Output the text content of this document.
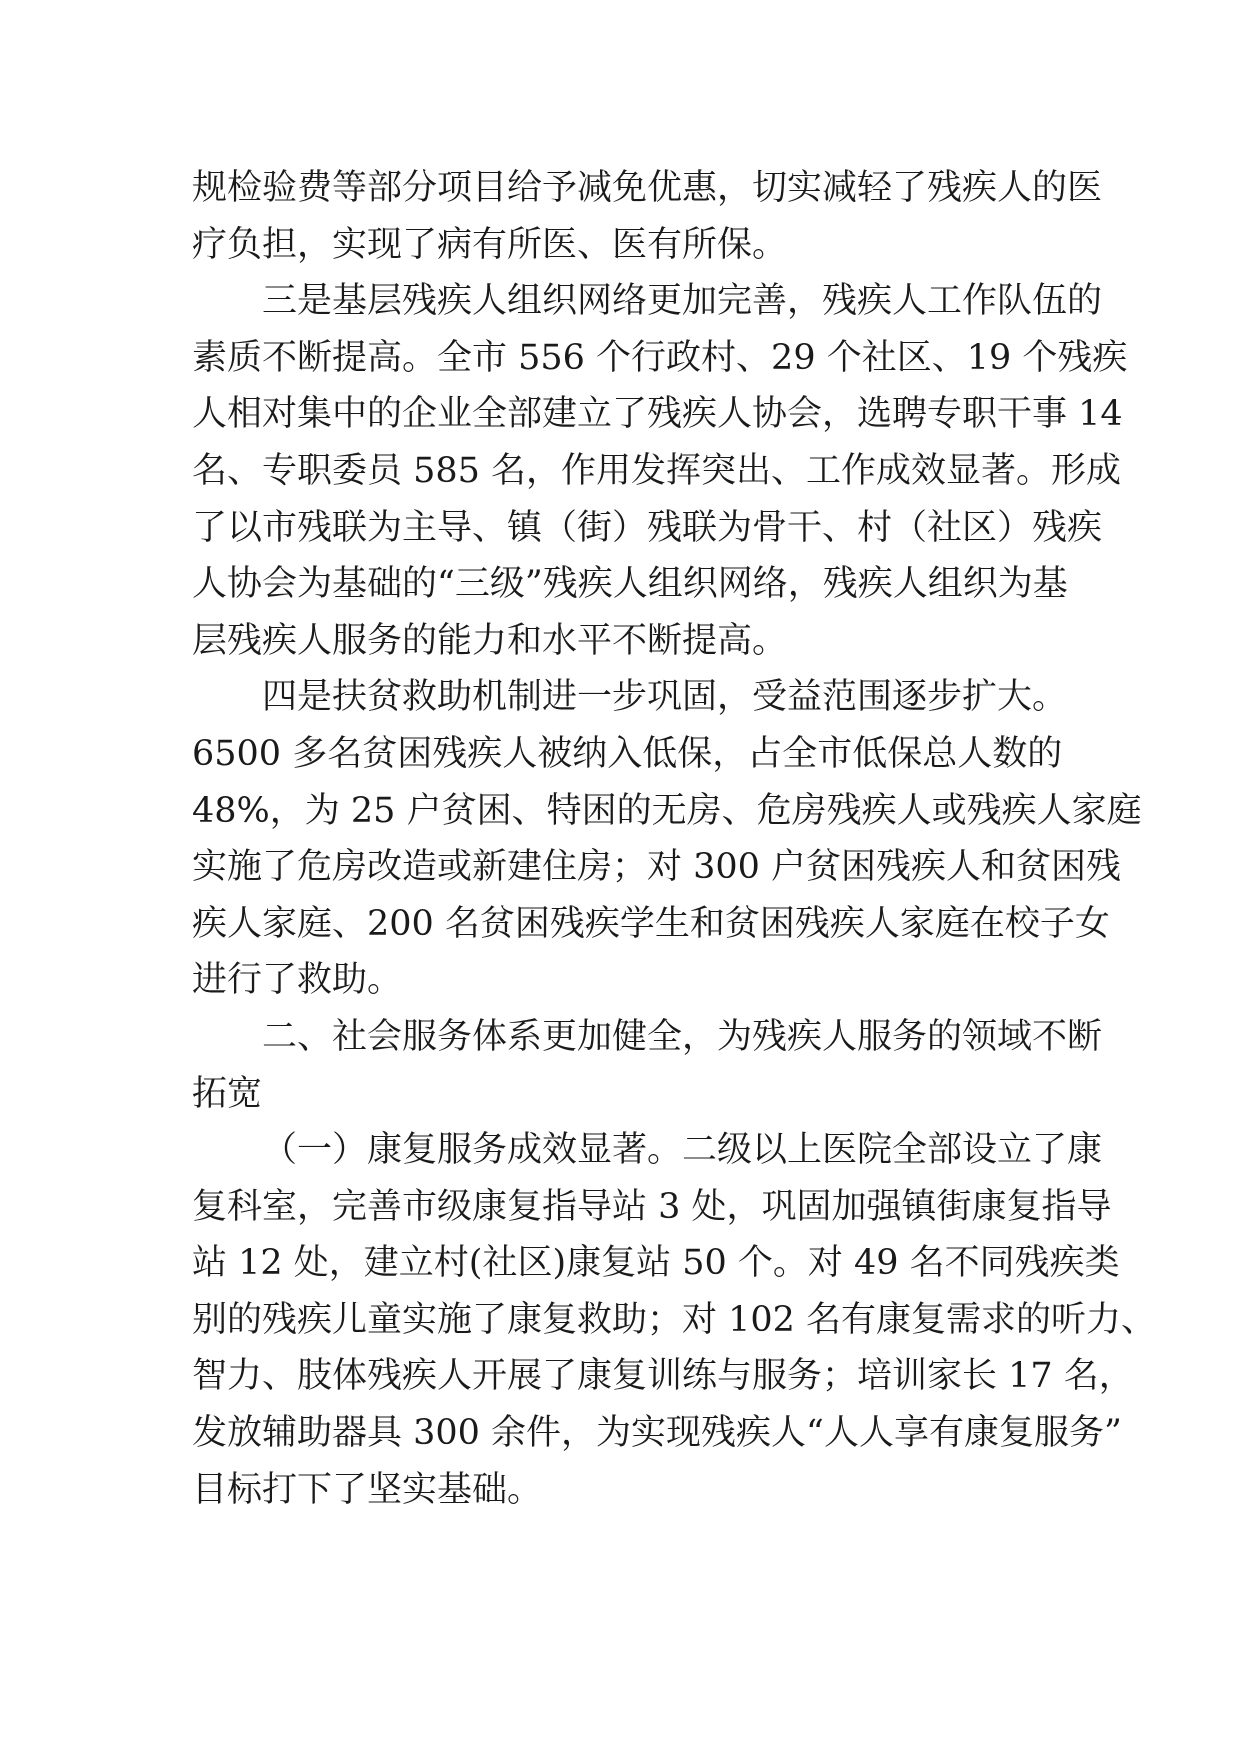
规检验费等部分项目给予减免优惠，切实减轻了残疾人的医
疗负担，实现了病有所医、医有所保。
三是基层残疾人组织网络更加完善，残疾人工作队伍的
素质不断提高。全市 556 个行政村、29 个社区、19 个残疾
人相对集中的企业全部建立了残疾人协会，选聘专职干事 14
名、专职委员 585 名，作用发挥突出、工作成效显著。形成
了以市残联为主导、镇（街）残联为骨干、村（社区）残疾
人协会为基础的“三级”残疾人组织网络，残疾人组织为基
层残疾人服务的能力和水平不断提高。
四是扶贫救助机制进一步巩固，受益范围逐步扩大。
6500 多名贫困残疾人被纳入低保，占全市低保总人数的
48%，为 25 户贫困、特困的无房、危房残疾人或残疾人家庭
实施了危房改造或新建住房；对 300 户贫困残疾人和贫困残
疾人家庭、200 名贫困残疾学生和贫困残疾人家庭在校子女
进行了救助。
二、社会服务体系更加健全，为残疾人服务的领域不断
拓宽
（一）康复服务成效显著。二级以上医院全部设立了康
复科室，完善市级康复指导站 3 处，巩固加强镇街康复指导
站 12 处，建立村(社区)康复站 50 个。对 49 名不同残疾类
别的残疾儿童实施了康复救助；对 102 名有康复需求的听力、
智力、肢体残疾人开展了康复训练与服务；培训家长 17 名，
发放辅助器具 300 余件，为实现残疾人“人人享有康复服务”
目标打下了坚实基础。
